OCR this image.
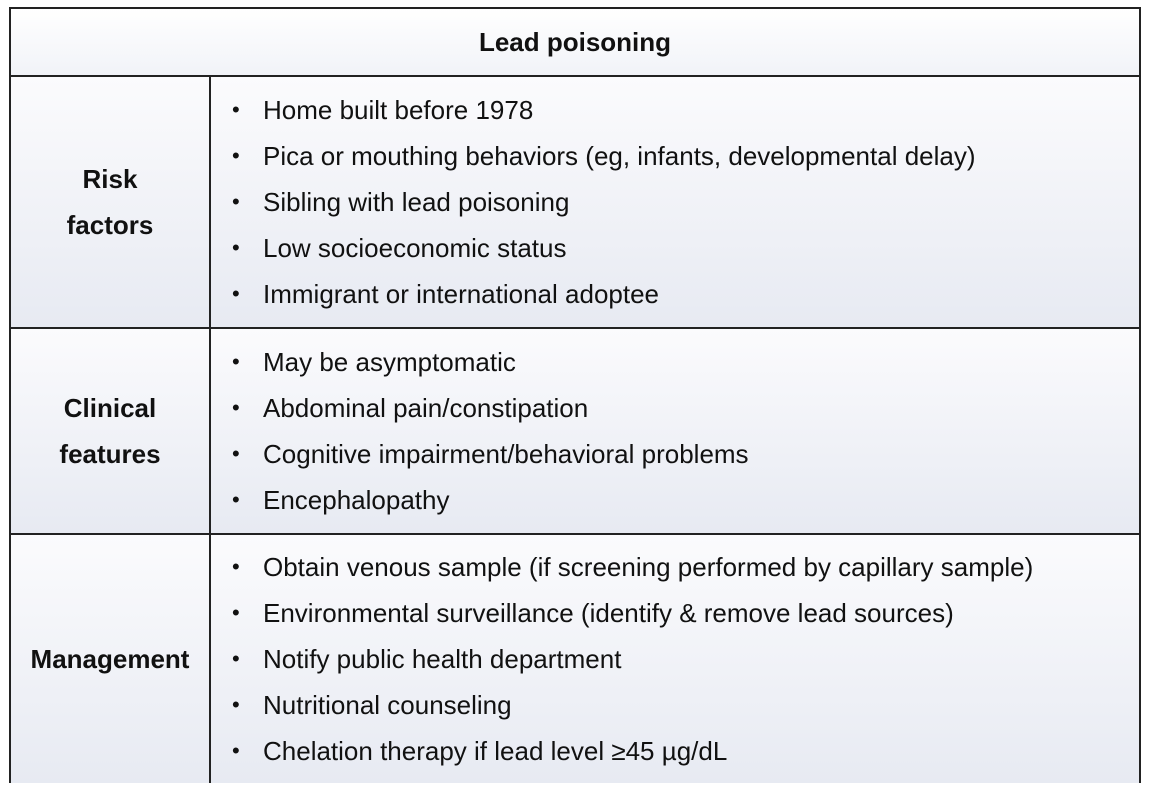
Lead poisoning
Risk
factors
• Home built before 1978
• Pica or mouthing behaviors (eg, infants, developmental delay)
• Sibling with lead poisoning
• Low socioeconomic status
• Immigrant or international adoptee
Clinical
features
• May be asymptomatic
• Abdominal pain/constipation
• Cognitive impairment/behavioral problems
• Encephalopathy
Management
• Obtain venous sample (if screening performed by capillary sample)
• Environmental surveillance (identify & remove lead sources)
• Notify public health department
• Nutritional counseling
• Chelation therapy if lead level ≥45 µg/dL
